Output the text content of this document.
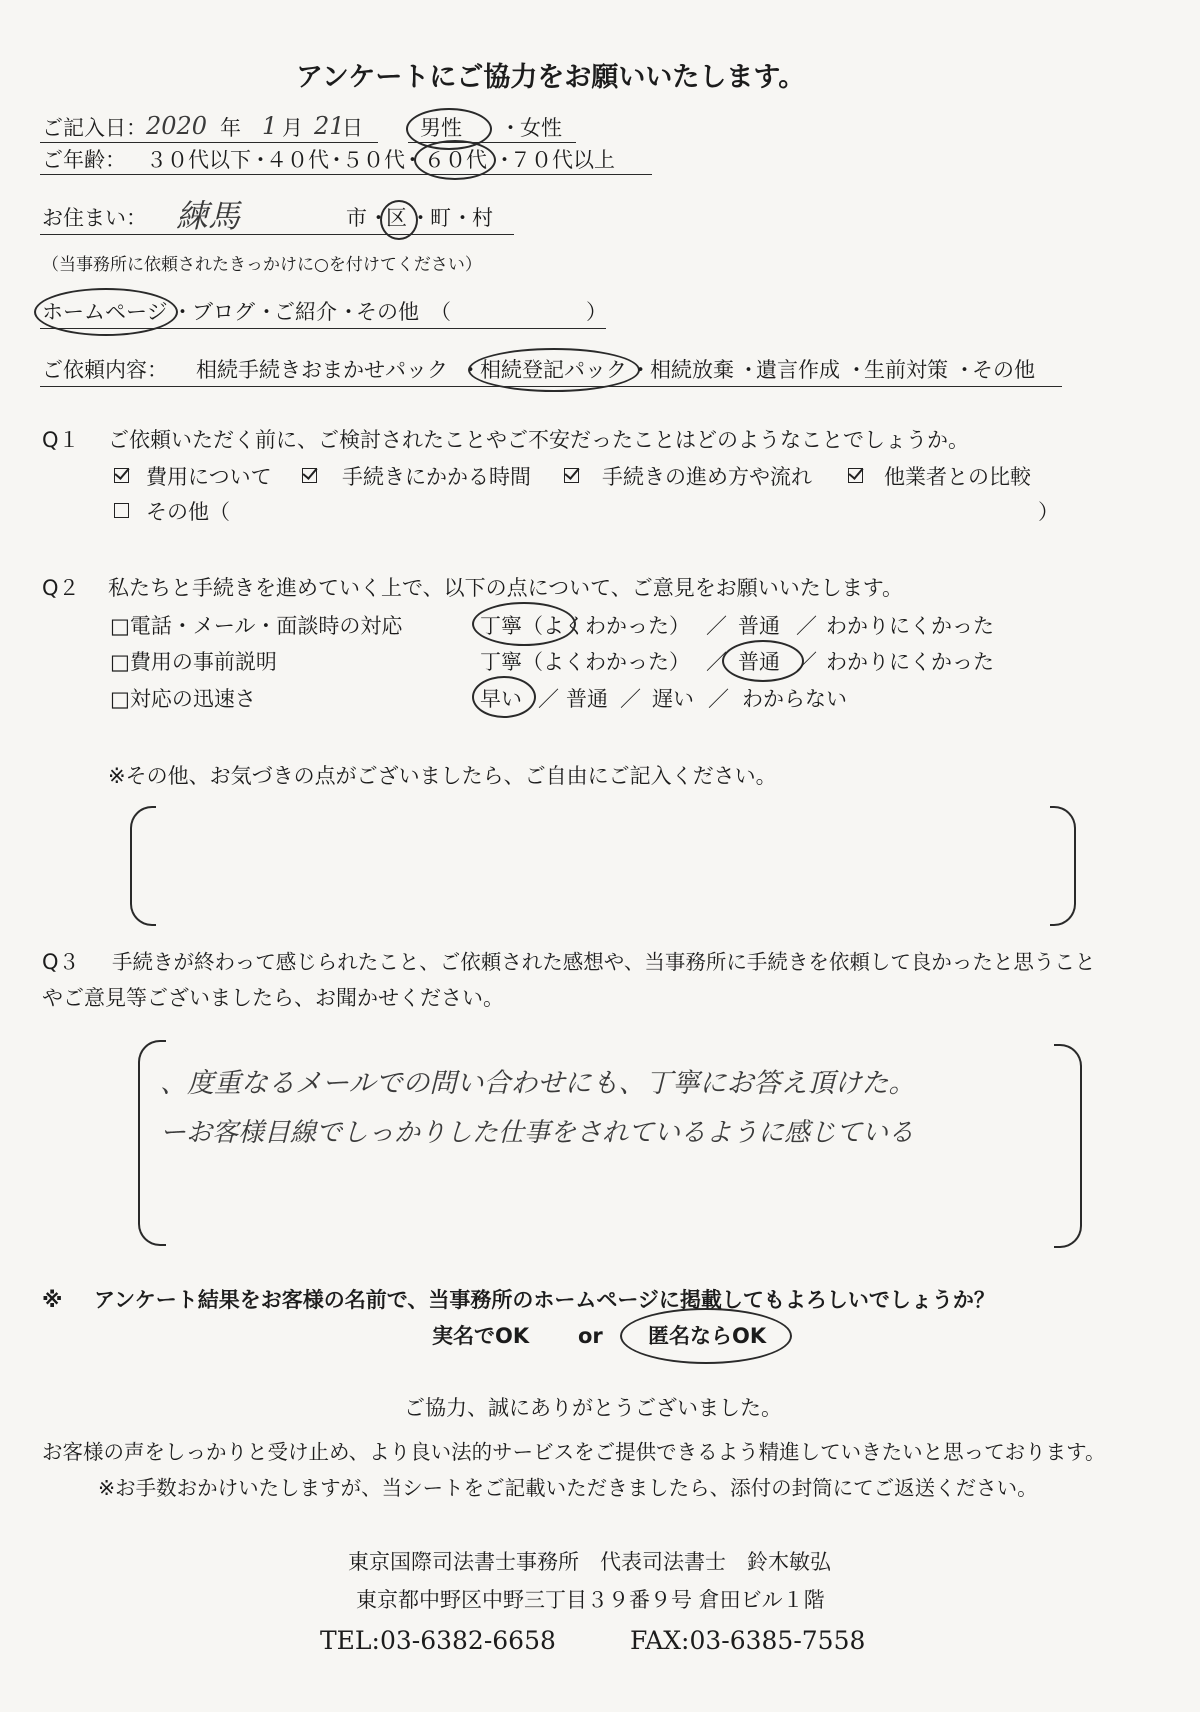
アンケートにご協力をお願いいたします。
ご記入日： 2020 年 1 月 21
日	男性 ・ 女性
ご年齢： ３０代以下 ・
４０代
・
５０代
・ ６０代 ・
７０代以上
お住まい： 練馬	市 ・
区 ・ 町 ・ 村
（当事務所に依頼されたきっかけに○を付けてください）
ホームページ ・ ブログ ・
ご紹介 ・
その他 （	）
ご依頼内容： 相続手続きおまかせパック ・ 相続登記パック ・ 相続放棄 ・
遺言作成 ・
生前対策 ・
その他
Q１ ご依頼いただく前に、ご検討されたことやご不安だったことはどのようなことでしょうか。
費用について	手続きにかかる時間	手続きの進め方や流れ	他業者との比較
その他（	）
Q２ 私たちと手続きを進めていく上で、以下の点について、ご意見をお願いいたします。
□電話・メール・面談時の対応	丁寧（よくわかった） ／ 普通 ／ わかりにくかった
□費用の事前説明	丁寧（よくわかった） ／ 普通 ／ わかりにくかった
□対応の迅速さ	早い ／ 普通 ／ 遅い ／ わからない
※その他、お気づきの点がございましたら、ご自由にご記入ください。
Q３ 手続きが終わって感じられたこと、ご依頼された感想や、当事務所に手続きを依頼して良かったと思うこと
やご意見等ございましたら、お聞かせください。
、度重なるメールでの問い合わせにも、丁寧にお答え頂けた。
ーお客様目線でしっかりした仕事をされているように感じている
※ アンケート結果をお客様の名前で、当事務所のホームページに掲載してもよろしいでしょうか？
実名でOK or 匿名ならOK
ご協力、誠にありがとうございました。
お客様の声をしっかりと受け止め、より良い法的サービスをご提供できるよう精進していきたいと思っております。
※お手数おかけいたしますが、当シートをご記載いただきましたら、添付の封筒にてご返送ください。
東京国際司法書士事務所　代表司法書士　鈴木敏弘
東京都中野区中野三丁目３９番９号 倉田ビル１階
TEL:03-6382-6658	FAX:03-6385-7558
